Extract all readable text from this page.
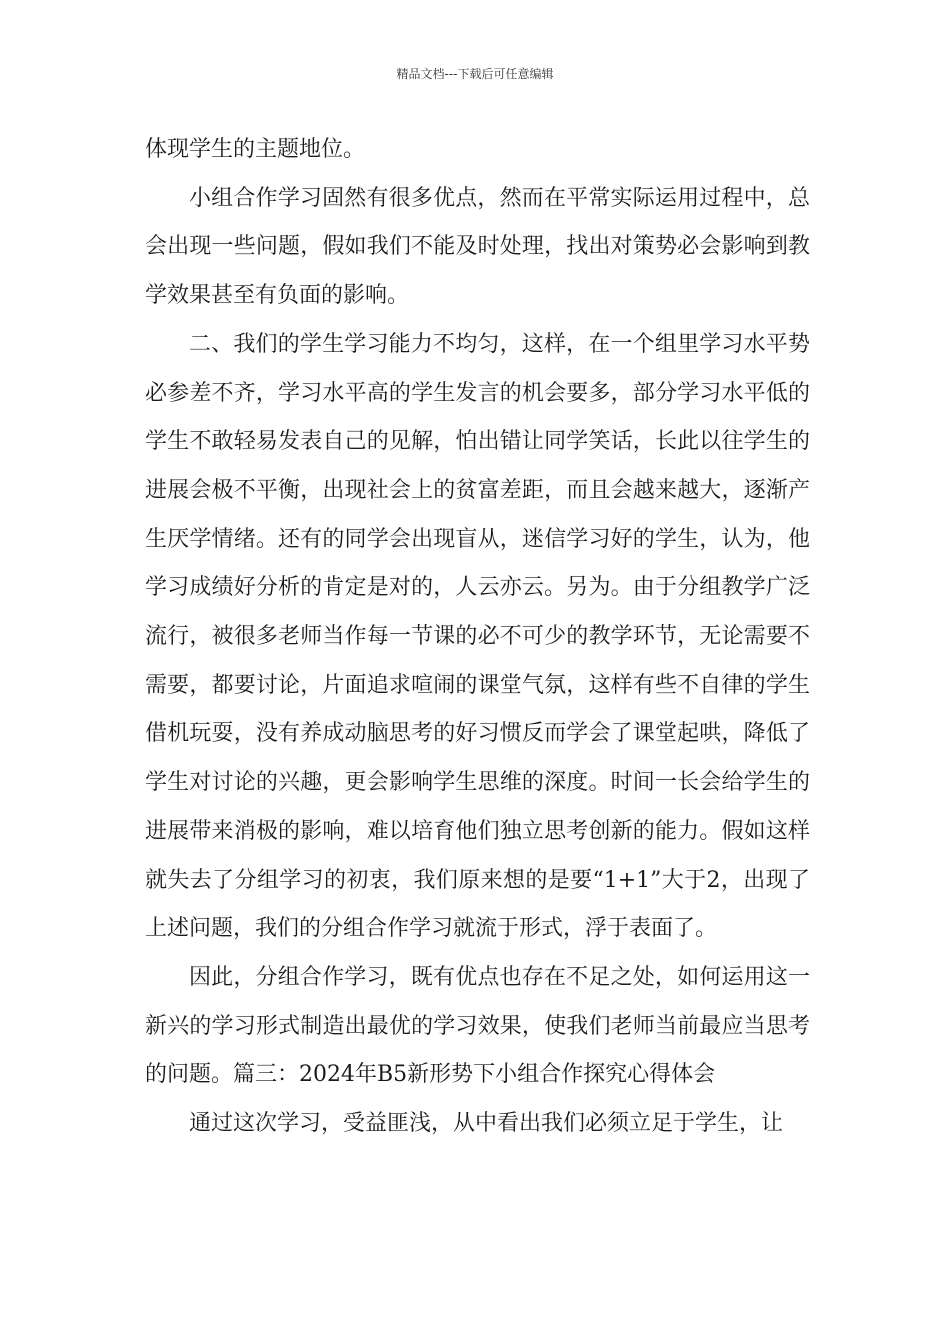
精品文档---下载后可任意编辑

体现学生的主题地位。

小组合作学习固然有很多优点，然而在平常实际运用过程中，总会出现一些问题，假如我们不能及时处理，找出对策势必会影响到教学效果甚至有负面的影响。

二、我们的学生学习能力不均匀，这样，在一个组里学习水平势必参差不齐，学习水平高的学生发言的机会要多，部分学习水平低的学生不敢轻易发表自己的见解，怕出错让同学笑话，长此以往学生的进展会极不平衡，出现社会上的贫富差距，而且会越来越大，逐渐产生厌学情绪。还有的同学会出现盲从，迷信学习好的学生，认为，他学习成绩好分析的肯定是对的，人云亦云。另为。由于分组教学广泛流行，被很多老师当作每一节课的必不可少的教学环节，无论需要不需要，都要讨论，片面追求喧闹的课堂气氛，这样有些不自律的学生借机玩耍，没有养成动脑思考的好习惯反而学会了课堂起哄，降低了学生对讨论的兴趣，更会影响学生思维的深度。时间一长会给学生的进展带来消极的影响，难以培育他们独立思考创新的能力。假如这样就失去了分组学习的初衷，我们原来想的是要“1+1”大于2，出现了上述问题，我们的分组合作学习就流于形式，浮于表面了。

因此，分组合作学习，既有优点也存在不足之处，如何运用这一新兴的学习形式制造出最优的学习效果，使我们老师当前最应当思考的问题。篇三：2024年B5新形势下小组合作探究心得体会

通过这次学习，受益匪浅，从中看出我们必须立足于学生，让
